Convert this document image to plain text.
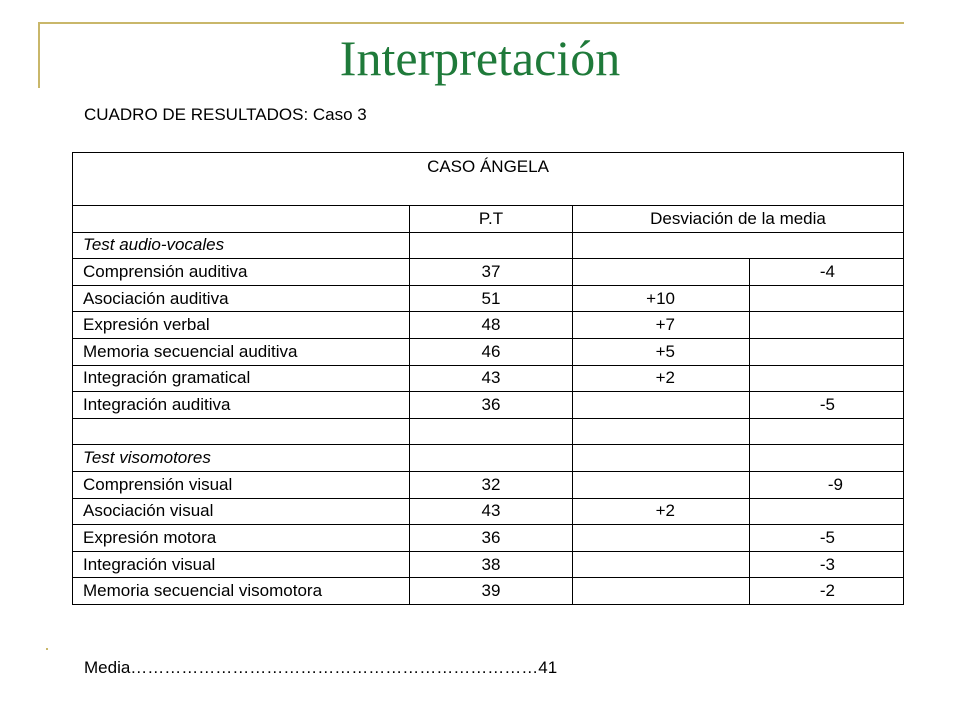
Interpretación
CUADRO DE RESULTADOS: Caso 3
CASO ÁNGELA			
	P.T	Desviación de la media	
Test audio-vocales			
Comprensión auditiva	37		-4
Asociación auditiva	51	+10	
Expresión verbal	48	+7	
Memoria secuencial auditiva	46	+5	
Integración gramatical	43	+2	
Integración auditiva	36		-5

Test visomotores			
Comprensión visual	32		-9
Asociación visual	43	+2	
Expresión motora	36		-5
Integración visual	38		-3
Memoria secuencial visomotora	39		-2
Media………………………………………………………………41
